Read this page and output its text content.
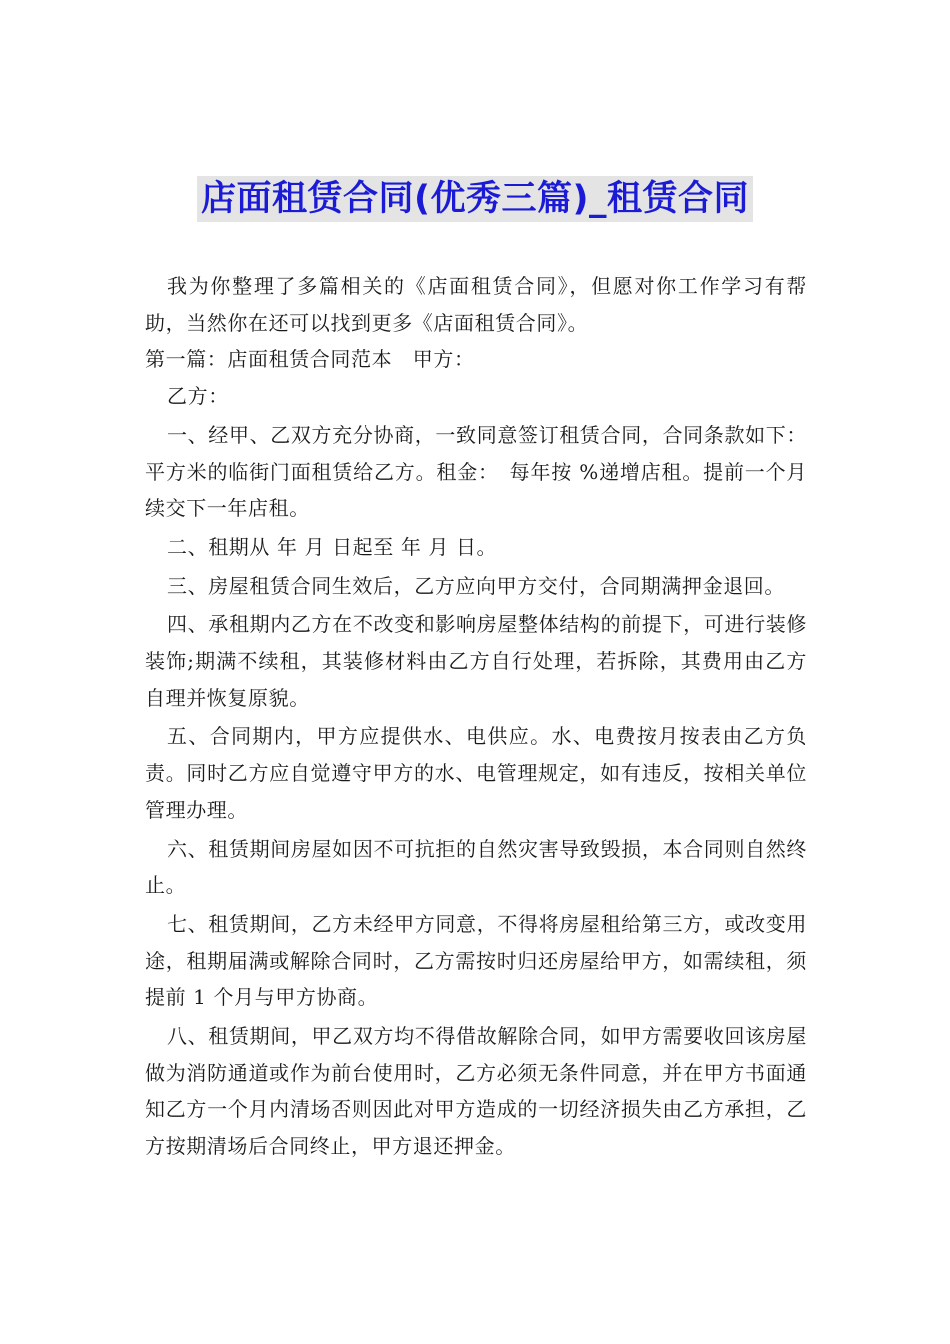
店面租赁合同(优秀三篇)_租赁合同

我为你整理了多篇相关的《店面租赁合同》，但愿对你工作学习有帮助，当然你在还可以找到更多《店面租赁合同》。

第一篇：店面租赁合同范本　甲方：

乙方：

一、经甲、乙双方充分协商，一致同意签订租赁合同，合同条款如下：平方米的临街门面租赁给乙方。租金：　每年按 %递增店租。提前一个月续交下一年店租。

二、租期从 年 月 日起至 年 月 日。

三、房屋租赁合同生效后，乙方应向甲方交付，合同期满押金退回。

四、承租期内乙方在不改变和影响房屋整体结构的前提下，可进行装修装饰;期满不续租，其装修材料由乙方自行处理，若拆除，其费用由乙方自理并恢复原貌。

五、合同期内，甲方应提供水、电供应。水、电费按月按表由乙方负责。同时乙方应自觉遵守甲方的水、电管理规定，如有违反，按相关单位管理办理。

六、租赁期间房屋如因不可抗拒的自然灾害导致毁损，本合同则自然终止。

七、租赁期间，乙方未经甲方同意，不得将房屋租给第三方，或改变用途，租期届满或解除合同时，乙方需按时归还房屋给甲方，如需续租，须提前 1 个月与甲方协商。

八、租赁期间，甲乙双方均不得借故解除合同，如甲方需要收回该房屋做为消防通道或作为前台使用时，乙方必须无条件同意，并在甲方书面通知乙方一个月内清场否则因此对甲方造成的一切经济损失由乙方承担，乙方按期清场后合同终止，甲方退还押金。
